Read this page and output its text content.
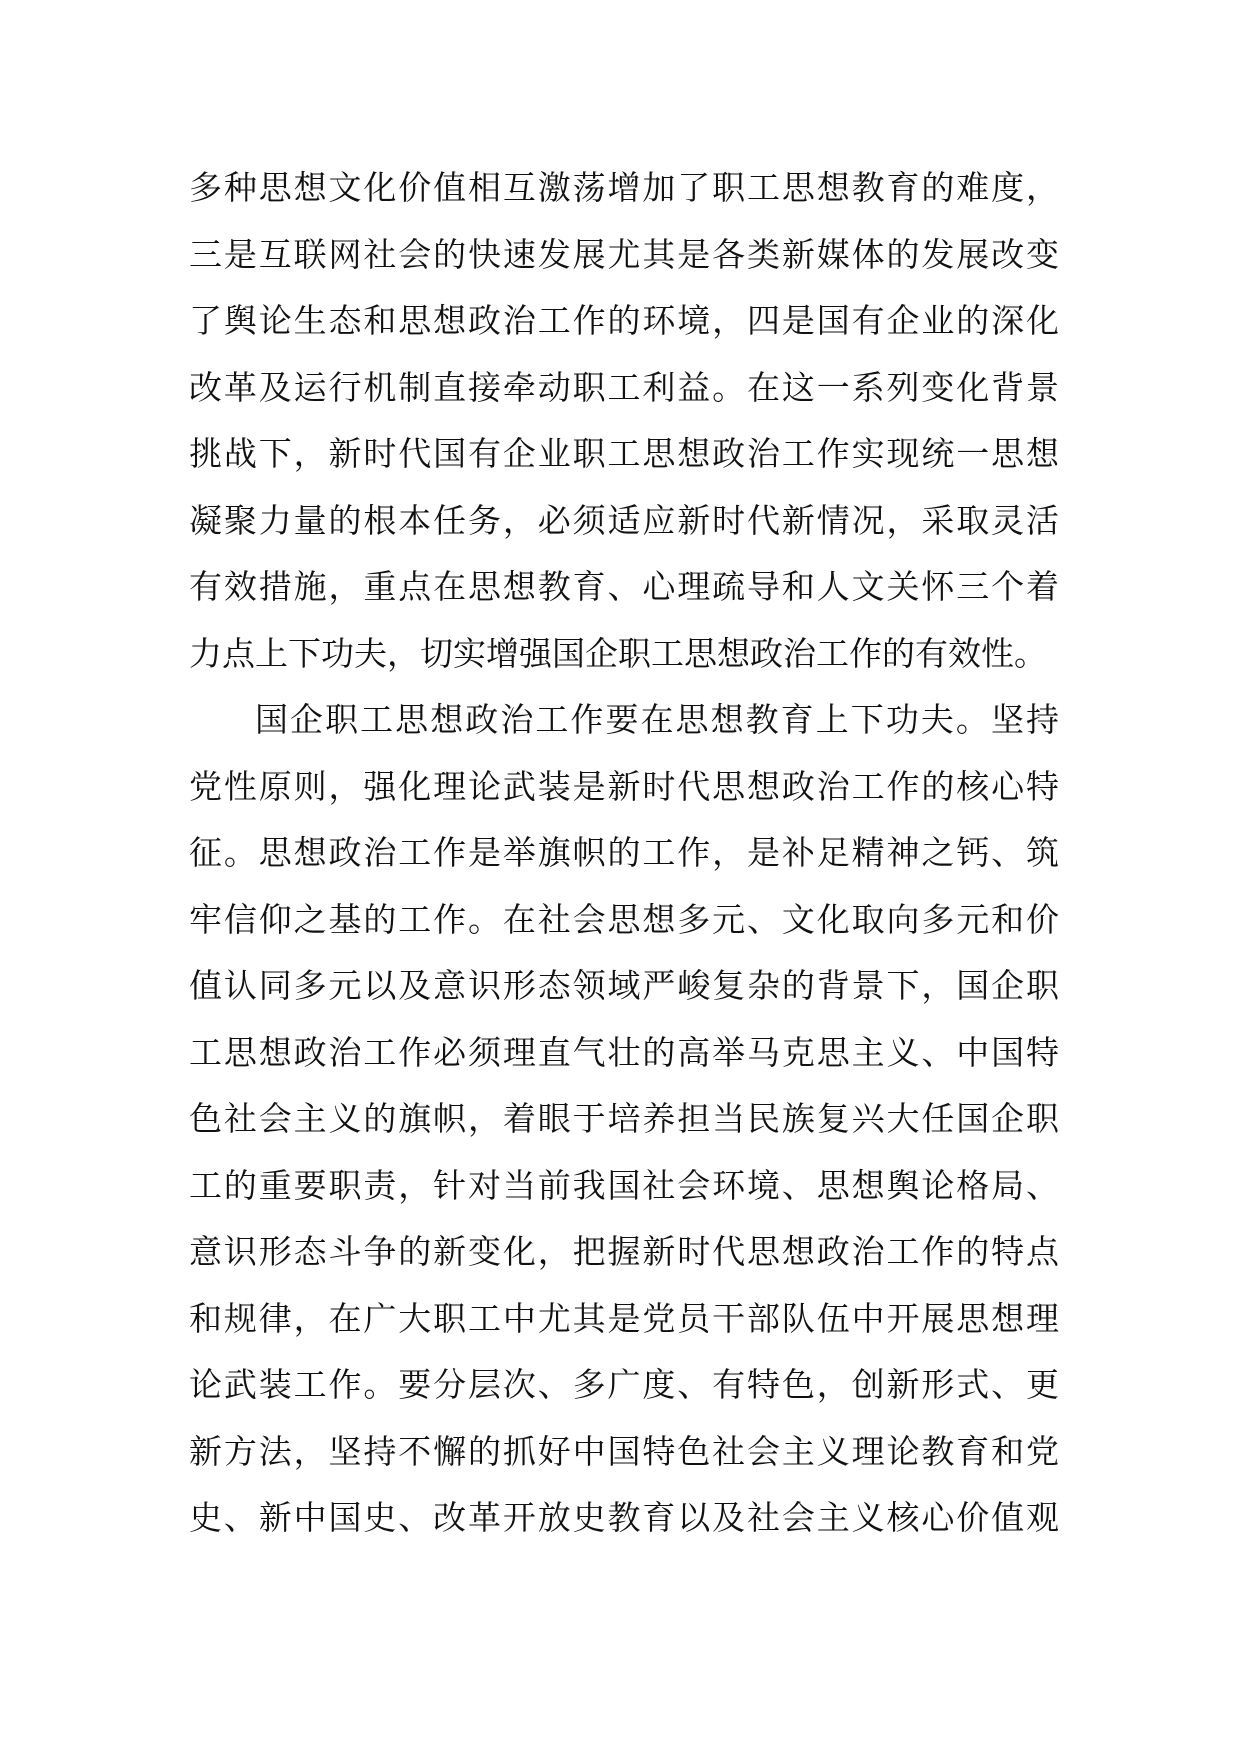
多种思想文化价值相互激荡增加了职工思想教育的难度，
三是互联网社会的快速发展尤其是各类新媒体的发展改变
了舆论生态和思想政治工作的环境，四是国有企业的深化
改革及运行机制直接牵动职工利益。在这一系列变化背景
挑战下，新时代国有企业职工思想政治工作实现统一思想
凝聚力量的根本任务，必须适应新时代新情况，采取灵活
有效措施，重点在思想教育、心理疏导和人文关怀三个着
力点上下功夫，切实增强国企职工思想政治工作的有效性。
国企职工思想政治工作要在思想教育上下功夫。坚持
党性原则，强化理论武装是新时代思想政治工作的核心特
征。思想政治工作是举旗帜的工作，是补足精神之钙、筑
牢信仰之基的工作。在社会思想多元、文化取向多元和价
值认同多元以及意识形态领域严峻复杂的背景下，国企职
工思想政治工作必须理直气壮的高举马克思主义、中国特
色社会主义的旗帜，着眼于培养担当民族复兴大任国企职
工的重要职责，针对当前我国社会环境、思想舆论格局、
意识形态斗争的新变化，把握新时代思想政治工作的特点
和规律，在广大职工中尤其是党员干部队伍中开展思想理
论武装工作。要分层次、多广度、有特色，创新形式、更
新方法，坚持不懈的抓好中国特色社会主义理论教育和党
史、新中国史、改革开放史教育以及社会主义核心价值观
